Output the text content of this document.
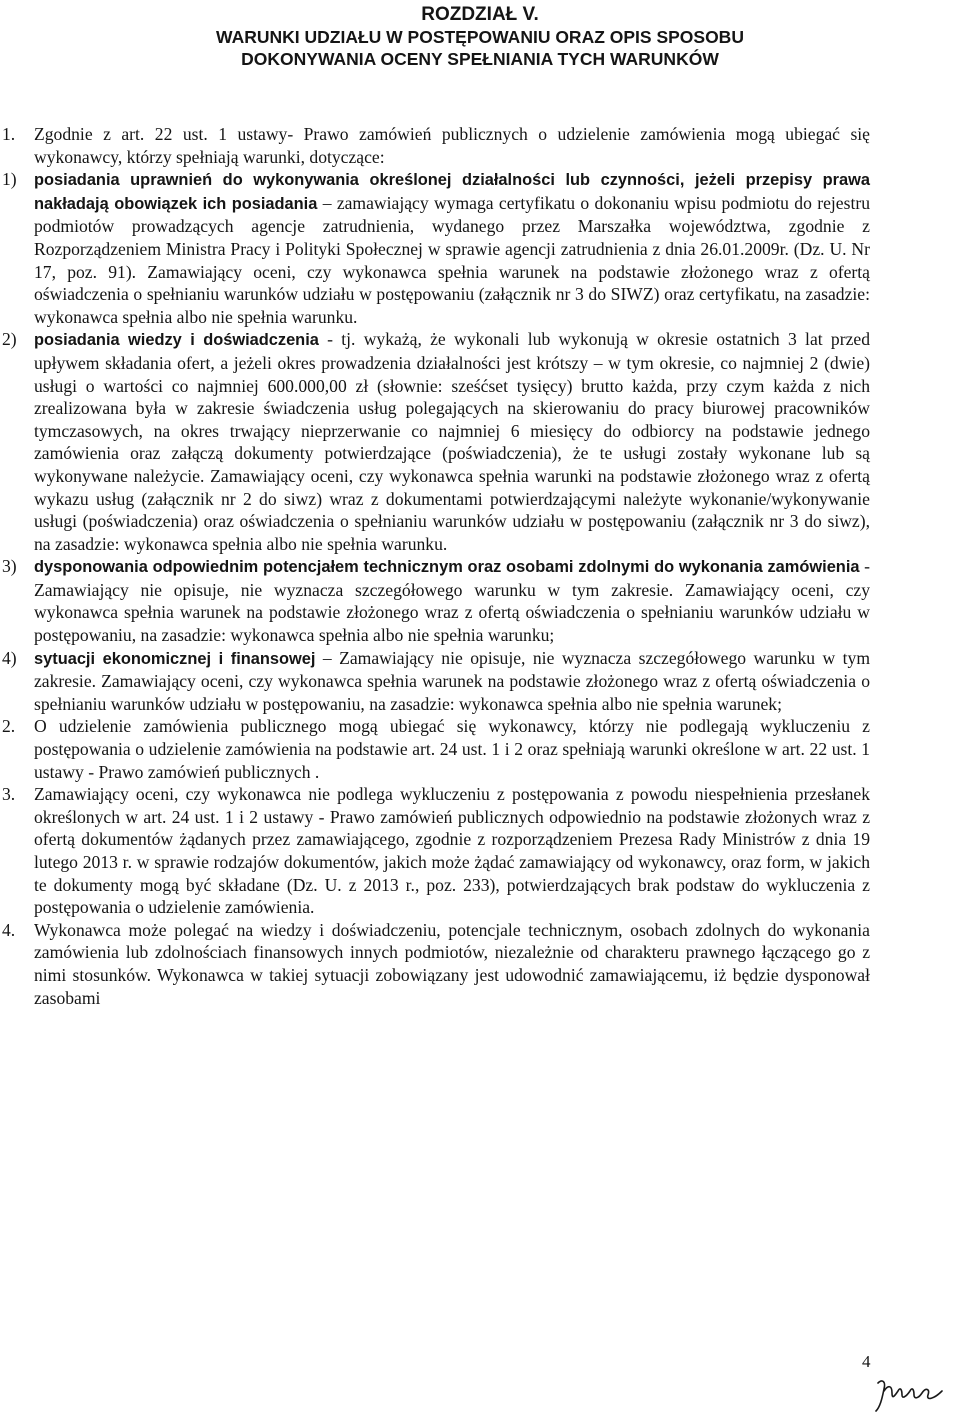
ROZDZIAŁ V.
WARUNKI UDZIAŁU W POSTĘPOWANIU ORAZ OPIS SPOSOBU
DOKONYWANIA OCENY SPEŁNIANIA TYCH WARUNKÓW
1. Zgodnie z art. 22 ust. 1 ustawy- Prawo zamówień publicznych o udzielenie zamówienia mogą ubiegać się wykonawcy, którzy spełniają warunki, dotyczące:
1) posiadania uprawnień do wykonywania określonej działalności lub czynności, jeżeli przepisy prawa nakładają obowiązek ich posiadania – zamawiający wymaga certyfikatu o dokonaniu wpisu podmiotu do rejestru podmiotów prowadzących agencje zatrudnienia, wydanego przez Marszałka województwa, zgodnie z Rozporządzeniem Ministra Pracy i Polityki Społecznej w sprawie agencji zatrudnienia z dnia 26.01.2009r. (Dz. U. Nr 17, poz. 91). Zamawiający oceni, czy wykonawca spełnia warunek na podstawie złożonego wraz z ofertą oświadczenia o spełnianiu warunków udziału w postępowaniu (załącznik nr 3 do SIWZ) oraz certyfikatu, na zasadzie: wykonawca spełnia albo nie spełnia warunku.
2) posiadania wiedzy i doświadczenia - tj. wykażą, że wykonali lub wykonują w okresie ostatnich 3 lat przed upływem składania ofert, a jeżeli okres prowadzenia działalności jest krótszy – w tym okresie, co najmniej 2 (dwie) usługi o wartości co najmniej 600.000,00 zł (słownie: sześćset tysięcy) brutto każda, przy czym każda z nich zrealizowana była w zakresie świadczenia usług polegających na skierowaniu do pracy biurowej pracowników tymczasowych, na okres trwający nieprzerwanie co najmniej 6 miesięcy do odbiorcy na podstawie jednego zamówienia oraz załączą dokumenty potwierdzające (poświadczenia), że te usługi zostały wykonane lub są wykonywane należycie. Zamawiający oceni, czy wykonawca spełnia warunki na podstawie złożonego wraz z ofertą wykazu usług (załącznik nr 2 do siwz) wraz z dokumentami potwierdzającymi należyte wykonanie/wykonywanie usługi (poświadczenia) oraz oświadczenia o spełnianiu warunków udziału w postępowaniu (załącznik nr 3 do siwz), na zasadzie: wykonawca spełnia albo nie spełnia warunku.
3) dysponowania odpowiednim potencjałem technicznym oraz osobami zdolnymi do wykonania zamówienia - Zamawiający nie opisuje, nie wyznacza szczegółowego warunku w tym zakresie. Zamawiający oceni, czy wykonawca spełnia warunek na podstawie złożonego wraz z ofertą oświadczenia o spełnianiu warunków udziału w postępowaniu, na zasadzie: wykonawca spełnia albo nie spełnia warunku;
4) sytuacji ekonomicznej i finansowej – Zamawiający nie opisuje, nie wyznacza szczegółowego warunku w tym zakresie. Zamawiający oceni, czy wykonawca spełnia warunek na podstawie złożonego wraz z ofertą oświadczenia o spełnianiu warunków udziału w postępowaniu, na zasadzie: wykonawca spełnia albo nie spełnia warunek;
2. O udzielenie zamówienia publicznego mogą ubiegać się wykonawcy, którzy nie podlegają wykluczeniu z postępowania o udzielenie zamówienia na podstawie art. 24 ust. 1 i 2 oraz spełniają warunki określone w art. 22 ust. 1 ustawy - Prawo zamówień publicznych .
3. Zamawiający oceni, czy wykonawca nie podlega wykluczeniu z postępowania z powodu niespełnienia przesłanek określonych w art. 24 ust. 1 i 2 ustawy - Prawo zamówień publicznych odpowiednio na podstawie złożonych wraz z ofertą dokumentów żądanych przez zamawiającego, zgodnie z rozporządzeniem Prezesa Rady Ministrów z dnia 19 lutego 2013 r. w sprawie rodzajów dokumentów, jakich może żądać zamawiający od wykonawcy, oraz form, w jakich te dokumenty mogą być składane (Dz. U. z 2013 r., poz. 233), potwierdzających brak podstaw do wykluczenia z postępowania o udzielenie zamówienia.
4. Wykonawca może polegać na wiedzy i doświadczeniu, potencjale technicznym, osobach zdolnych do wykonania zamówienia lub zdolnościach finansowych innych podmiotów, niezależnie od charakteru prawnego łączącego go z nimi stosunków. Wykonawca w takiej sytuacji zobowiązany jest udowodnić zamawiającemu, iż będzie dysponował zasobami
4
